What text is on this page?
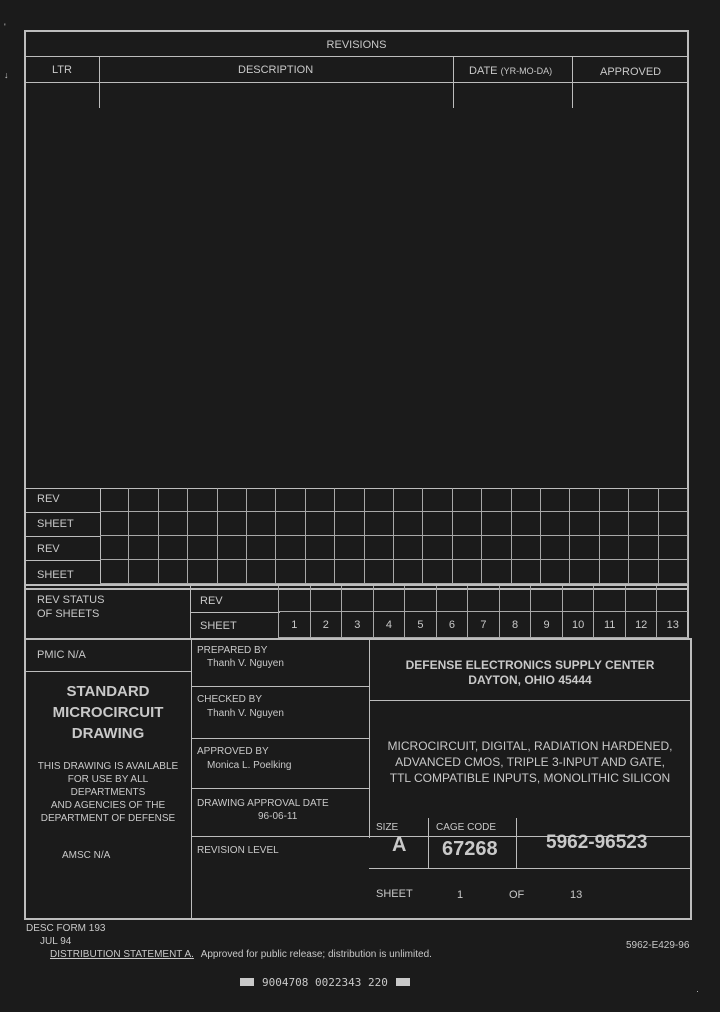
'
↓
REVISIONS
LTR	DESCRIPTION	DATE (YR-MO-DA)	APPROVED
REV
SHEET
REV
SHEET
REV STATUS
OF SHEETS
REV
SHEET	1	2	3	4	5	6	7	8	9	10	11	12	13
PMIC N/A
STANDARD
MICROCIRCUIT
DRAWING
THIS DRAWING IS AVAILABLE
FOR USE BY ALL
DEPARTMENTS
AND AGENCIES OF THE
DEPARTMENT OF DEFENSE
AMSC N/A
PREPARED BY
Thanh V. Nguyen
CHECKED BY
Thanh V. Nguyen
APPROVED BY
Monica L. Poelking
DRAWING APPROVAL DATE
96-06-11
REVISION LEVEL
DEFENSE ELECTRONICS SUPPLY CENTER
DAYTON, OHIO 45444
MICROCIRCUIT, DIGITAL, RADIATION HARDENED,
ADVANCED CMOS, TRIPLE 3-INPUT AND GATE,
TTL COMPATIBLE INPUTS, MONOLITHIC SILICON
SIZE
A
CAGE CODE
67268	5962-96523
SHEET	1	OF	13
DESC FORM 193
JUL 94
DISTRIBUTION STATEMENT A. Approved for public release; distribution is unlimited.
5962-E429-96
9004708 0022343 220
·
